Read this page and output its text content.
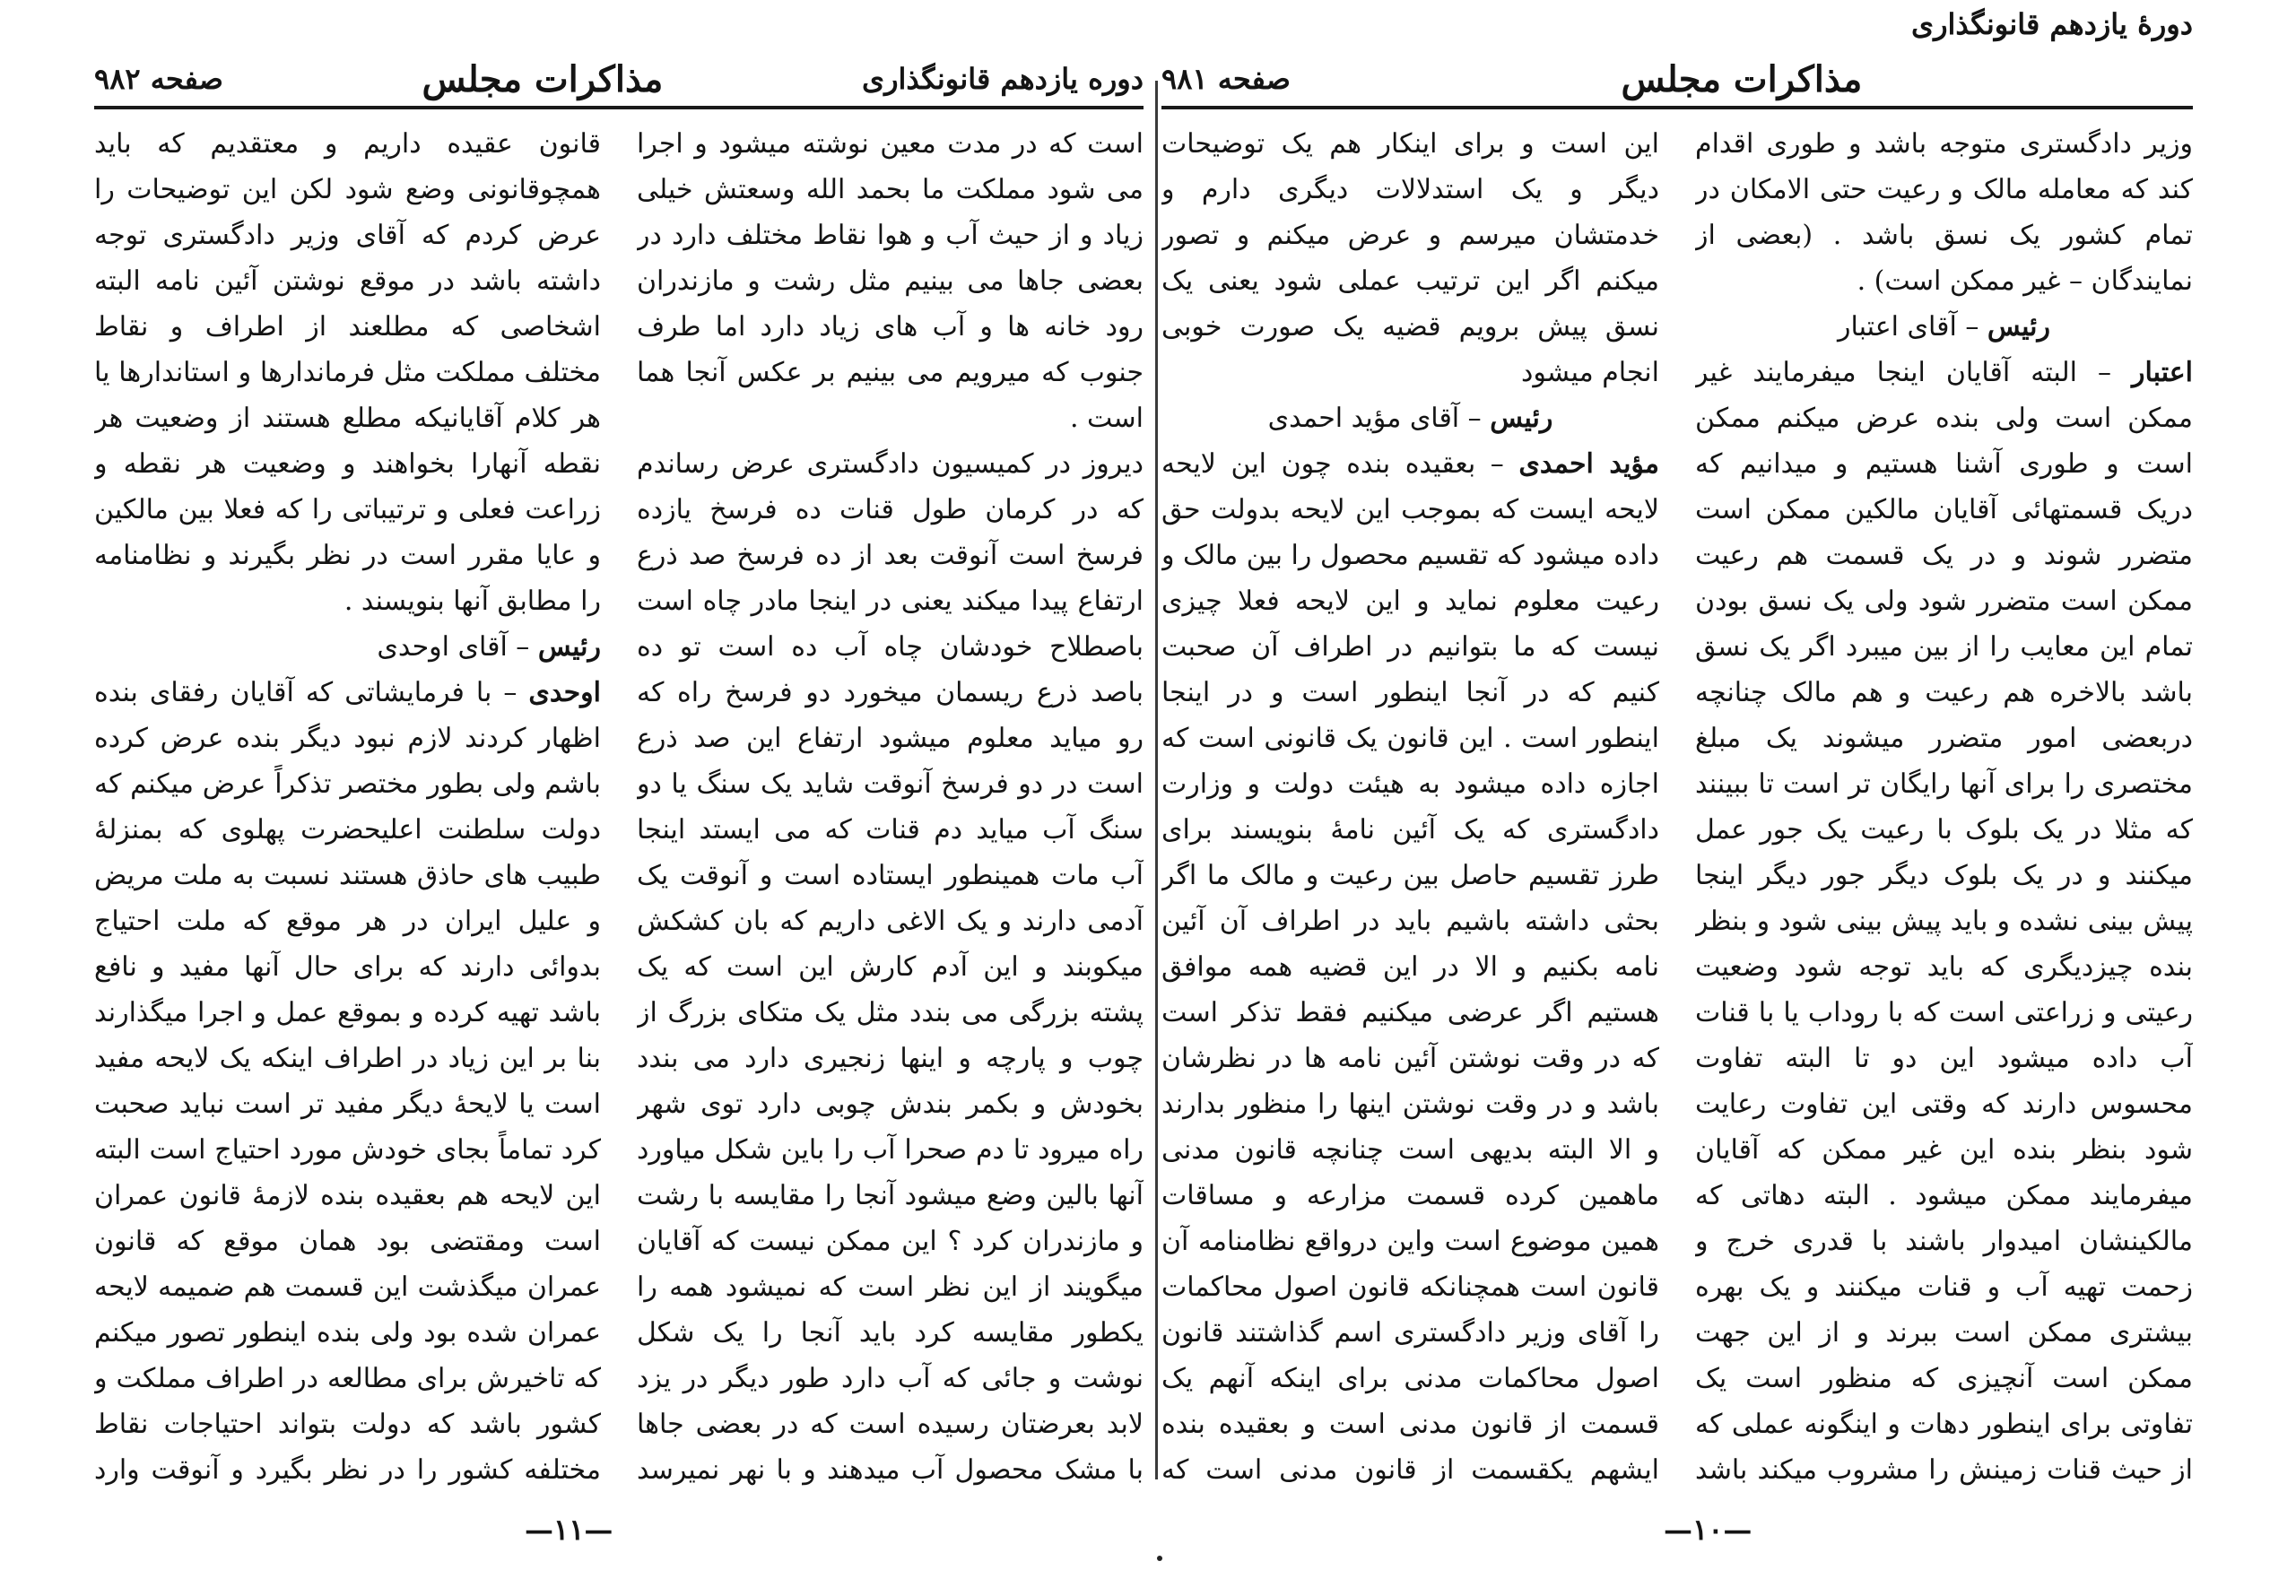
صفحه ۹۸۲	مذاکرات مجلس	دوره یازدهم قانونگذاری

است که در مدت معین نوشته میشود و اجرا می شود مملکت ما بحمد الله وسعتش خیلی زیاد و از حیث آب و هوا نقاط مختلف دارد در بعضی جاها می بینیم مثل رشت و مازندران رود خانه ها و آب های زیاد دارد اما طرف جنوب که میرویم می بینیم بر عکس آنجا هما است .

دیروز در کمیسیون دادگستری عرض رساندم که در کرمان طول قنات ده فرسخ یازده فرسخ است آنوقت بعد از ده فرسخ صد ذرع ارتفاع پیدا میکند یعنی در اینجا مادر چاه است باصطلاح خودشان چاه آب ده است تو ده باصد ذرع ریسمان میخورد دو فرسخ راه که رو میاید معلوم میشود ارتفاع این صد ذرع است در دو فرسخ آنوقت شاید یک سنگ یا دو سنگ آب میاید دم قنات که می ایستد اینجا آب مات همینطور ایستاده است و آنوقت یک آدمی دارند و یک الاغی داریم که بان کشکش میکوبند و این آدم کارش این است که یک پشته بزرگی می بندد مثل یک متکای بزرگ از چوب و پارچه و اینها زنجیری دارد می بندد بخودش و بکمر بندش چوبی دارد توی شهر راه میرود تا دم صحرا آب را باین شکل میاورد آنها بالین وضع میشود آنجا را مقایسه با رشت و مازندران کرد ؟ این ممکن نیست که آقایان میگویند از این نظر است که نمیشود همه را یکطور مقایسه کرد باید آنجا را یک شکل نوشت و جائی که آب دارد طور دیگر در یزد لابد بعرضتان رسیده است که در بعضی جاها با مشک محصول آب میدهند و با نهر نمیرسد

قانون عقیده داریم و معتقدیم که باید همچوقانونی وضع شود لکن این توضیحات را عرض کردم که آقای وزیر دادگستری توجه داشته باشد در موقع نوشتن آئین نامه البته اشخاصی که مطلعند از اطراف و نقاط مختلف مملکت مثل فرماندارها و استاندارها یا هر کلام آقایانیکه مطلع هستند از وضعیت هر نقطه آنهارا بخواهند و وضعیت هر نقطه و زراعت فعلی و ترتیباتی را که فعلا بین مالکین و عایا مقرر است در نظر بگیرند و نظامنامه را مطابق آنها بنویسند .

رئیس – آقای اوحدی

اوحدی – با فرمایشاتی که آقایان رفقای بنده اظهار کردند لازم نبود دیگر بنده عرض کرده باشم ولی بطور مختصر تذکراً عرض میکنم که دولت سلطنت اعلیحضرت پهلوی که بمنزلهٔ طبیب های حاذق هستند نسبت به ملت مریض و علیل ایران در هر موقع که ملت احتیاج بدوائی دارند که برای حال آنها مفید و نافع باشد تهیه کرده و بموقع عمل و اجرا میگذارند بنا بر این زیاد در اطراف اینکه یک لایحه مفید است یا لایحهٔ دیگر مفید تر است نباید صحبت کرد تماماً بجای خودش مورد احتیاج است البته این لایحه هم بعقیده بنده لازمهٔ قانون عمران است ومقتضی بود همان موقع که قانون عمران میگذشت این قسمت هم ضمیمه لایحه عمران شده بود ولی بنده اینطور تصور میکنم که تاخیرش برای مطالعه در اطراف مملکت و کشور باشد که دولت بتواند احتیاجات نقاط مختلفه کشور را در نظر بگیرد و آنوقت وارد

—۱۱—
دورهٔ یازدهم قانونگذاری
صفحه ۹۸۱	مذاکرات مجلس

وزیر دادگستری متوجه باشد و طوری اقدام کند که معامله مالک و رعیت حتی الامکان در تمام کشور یک نسق باشد . (بعضی از نمایندگان – غیر ممکن است) .

رئیس – آقای اعتبار

اعتبار – البته آقایان اینجا میفرمایند غیر ممکن است ولی بنده عرض میکنم ممکن است و طوری آشنا هستیم و میدانیم که دریک قسمتهائی آقایان مالکین ممکن است متضرر شوند و در یک قسمت هم رعیت ممکن است متضرر شود ولی یک نسق بودن تمام این معایب را از بین میبرد اگر یک نسق باشد بالاخره هم رعیت و هم مالک چنانچه دربعضی امور متضرر میشوند یک مبلغ مختصری را برای آنها رایگان تر است تا ببینند که مثلا در یک بلوک با رعیت یک جور عمل میکنند و در یک بلوک دیگر جور دیگر اینجا پیش بینی نشده و باید پیش بینی شود و بنظر بنده چیزدیگری که باید توجه شود وضعیت رعیتی و زراعتی است که با روداب یا با قنات آب داده میشود این دو تا البته تفاوت محسوس دارند که وقتی این تفاوت رعایت شود بنظر بنده این غیر ممکن که آقایان میفرمایند ممکن میشود . البته دهاتی که مالکینشان امیدوار باشند با قدری خرج و زحمت تهیه آب و قنات میکنند و یک بهره بیشتری ممکن است ببرند و از این جهت ممکن است آنچیزی که منظور است یک تفاوتی برای اینطور دهات و اینگونه عملی که از حیث قنات زمینش را مشروب میکند باشد

این است و برای اینکار هم یک توضیحات دیگر و یک استدلالات دیگری دارم و خدمتشان میرسم و عرض میکنم و تصور میکنم اگر این ترتیب عملی شود یعنی یک نسق پیش برویم قضیه یک صورت خوبی انجام میشود

رئیس – آقای مؤید احمدی

مؤید احمدی – بعقیده بنده چون این لایحه لایحه ایست که بموجب این لایحه بدولت حق داده میشود که تقسیم محصول را بین مالک و رعیت معلوم نماید و این لایحه فعلا چیزی نیست که ما بتوانیم در اطراف آن صحبت کنیم که در آنجا اینطور است و در اینجا اینطور است . این قانون یک قانونی است که اجازه داده میشود به هیئت دولت و وزارت دادگستری که یک آئین نامهٔ بنویسند برای طرز تقسیم حاصل بین رعیت و مالک ما اگر بحثی داشته باشیم باید در اطراف آن آئین نامه بکنیم و الا در این قضیه همه موافق هستیم اگر عرضی میکنیم فقط تذکر است که در وقت نوشتن آئین نامه ها در نظرشان باشد و در وقت نوشتن اینها را منظور بدارند و الا البته بدیهی است چنانچه قانون مدنی ماهمین کرده قسمت مزارعه و مساقات همین موضوع است واین درواقع نظامنامه آن قانون است همچنانکه قانون اصول محاکمات را آقای وزیر دادگستری اسم گذاشتند قانون اصول محاکمات مدنی برای اینکه آنهم یک قسمت از قانون مدنی است و بعقیده بنده ایشهم یکقسمت از قانون مدنی است که

—۱۰—
